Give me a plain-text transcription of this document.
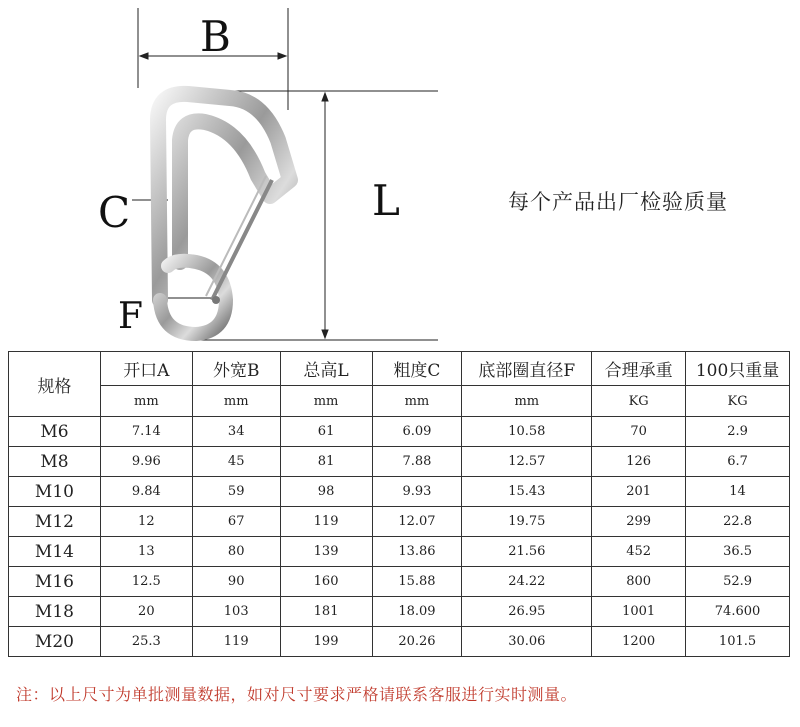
B
C	L
F
每个产品出厂检验质量
规格	开口A	外宽B	总高L	粗度C	底部圈直径F	合理承重	100只重量
	mm	mm	mm	mm	mm	KG	KG
M6	7.14	34	61	6.09	10.58	70	2.9
M8	9.96	45	81	7.88	12.57	126	6.7
M10	9.84	59	98	9.93	15.43	201	14
M12	12	67	119	12.07	19.75	299	22.8
M14	13	80	139	13.86	21.56	452	36.5
M16	12.5	90	160	15.88	24.22	800	52.9
M18	20	103	181	18.09	26.95	1001	74.600
M20	25.3	119	199	20.26	30.06	1200	101.5
注：以上尺寸为单批测量数据，如对尺寸要求严格请联系客服进行实时测量。
